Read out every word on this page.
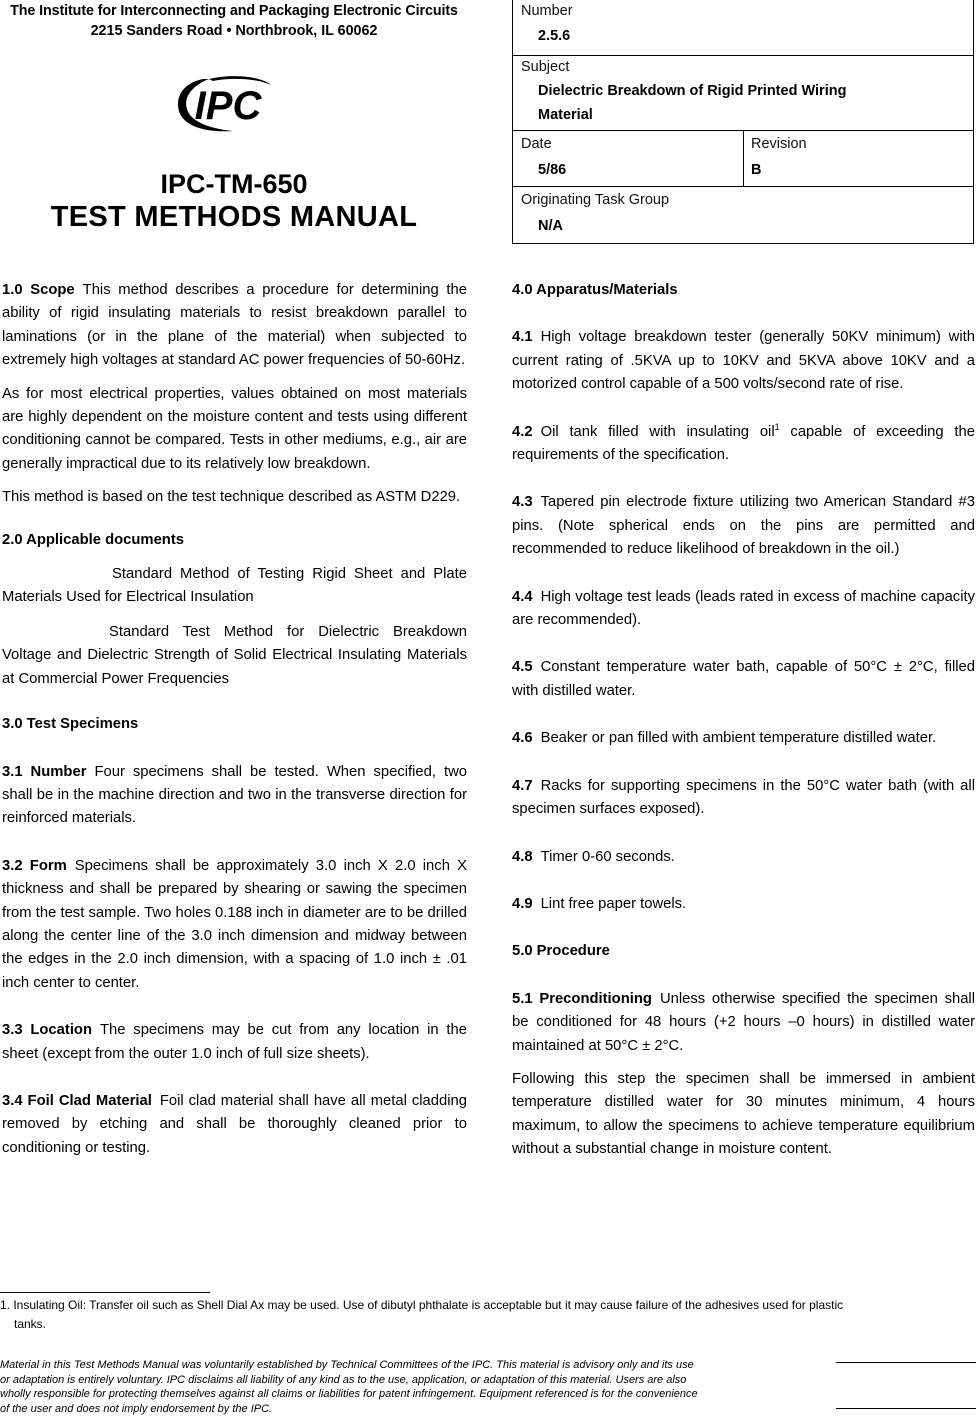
The Institute for Interconnecting and Packaging Electronic Circuits
2215 Sanders Road • Northbrook, IL 60062
IPC
IPC-TM-650
TEST METHODS MANUAL
Number
2.5.6
Subject
Dielectric Breakdown of Rigid Printed Wiring
Material
Date
5/86
Revision
B
Originating Task Group
N/A

1.0 Scope This method describes a procedure for determining the ability of rigid insulating materials to resist breakdown parallel to laminations (or in the plane of the material) when subjected to extremely high voltages at standard AC power frequencies of 50-60Hz.

As for most electrical properties, values obtained on most materials are highly dependent on the moisture content and tests using different conditioning cannot be compared. Tests in other mediums, e.g., air are generally impractical due to its relatively low breakdown.

This method is based on the test technique described as ASTM D229.

2.0 Applicable documents

Standard Method of Testing Rigid Sheet and Plate Materials Used for Electrical Insulation

Standard Test Method for Dielectric Breakdown Voltage and Dielectric Strength of Solid Electrical Insulating Materials at Commercial Power Frequencies

3.0 Test Specimens

3.1 Number Four specimens shall be tested. When specified, two shall be in the machine direction and two in the transverse direction for reinforced materials.

3.2 Form Specimens shall be approximately 3.0 inch X 2.0 inch X thickness and shall be prepared by shearing or sawing the specimen from the test sample. Two holes 0.188 inch in diameter are to be drilled along the center line of the 3.0 inch dimension and midway between the edges in the 2.0 inch dimension, with a spacing of 1.0 inch ± .01 inch center to center.

3.3 Location The specimens may be cut from any location in the sheet (except from the outer 1.0 inch of full size sheets).

3.4 Foil Clad Material Foil clad material shall have all metal cladding removed by etching and shall be thoroughly cleaned prior to conditioning or testing.

4.0 Apparatus/Materials

4.1 High voltage breakdown tester (generally 50KV minimum) with current rating of .5KVA up to 10KV and 5KVA above 10KV and a motorized control capable of a 500 volts/second rate of rise.

4.2 Oil tank filled with insulating oil$^1$ capable of exceeding the requirements of the specification.

4.3 Tapered pin electrode fixture utilizing two American Standard #3 pins. (Note spherical ends on the pins are permitted and recommended to reduce likelihood of breakdown in the oil.)

4.4 High voltage test leads (leads rated in excess of machine capacity are recommended).

4.5 Constant temperature water bath, capable of 50°C ± 2°C, filled with distilled water.

4.6 Beaker or pan filled with ambient temperature distilled water.

4.7 Racks for supporting specimens in the 50°C water bath (with all specimen surfaces exposed).

4.8 Timer 0-60 seconds.

4.9 Lint free paper towels.

5.0 Procedure

5.1 Preconditioning Unless otherwise specified the specimen shall be conditioned for 48 hours (+2 hours –0 hours) in distilled water maintained at 50°C ± 2°C.

Following this step the specimen shall be immersed in ambient temperature distilled water for 30 minutes minimum, 4 hours maximum, to allow the specimens to achieve temperature equilibrium without a substantial change in moisture content.

1. Insulating Oil: Transfer oil such as Shell Dial Ax may be used. Use of dibutyl phthalate is acceptable but it may cause failure of the adhesives used for plastic
tanks.
Material in this Test Methods Manual was voluntarily established by Technical Committees of the IPC. This material is advisory only and its use or adaptation is entirely voluntary. IPC disclaims all liability of any kind as to the use, application, or adaptation of this material. Users are also wholly responsible for protecting themselves against all claims or liabilities for patent infringement. Equipment referenced is for the convenience of the user and does not imply endorsement by the IPC.
